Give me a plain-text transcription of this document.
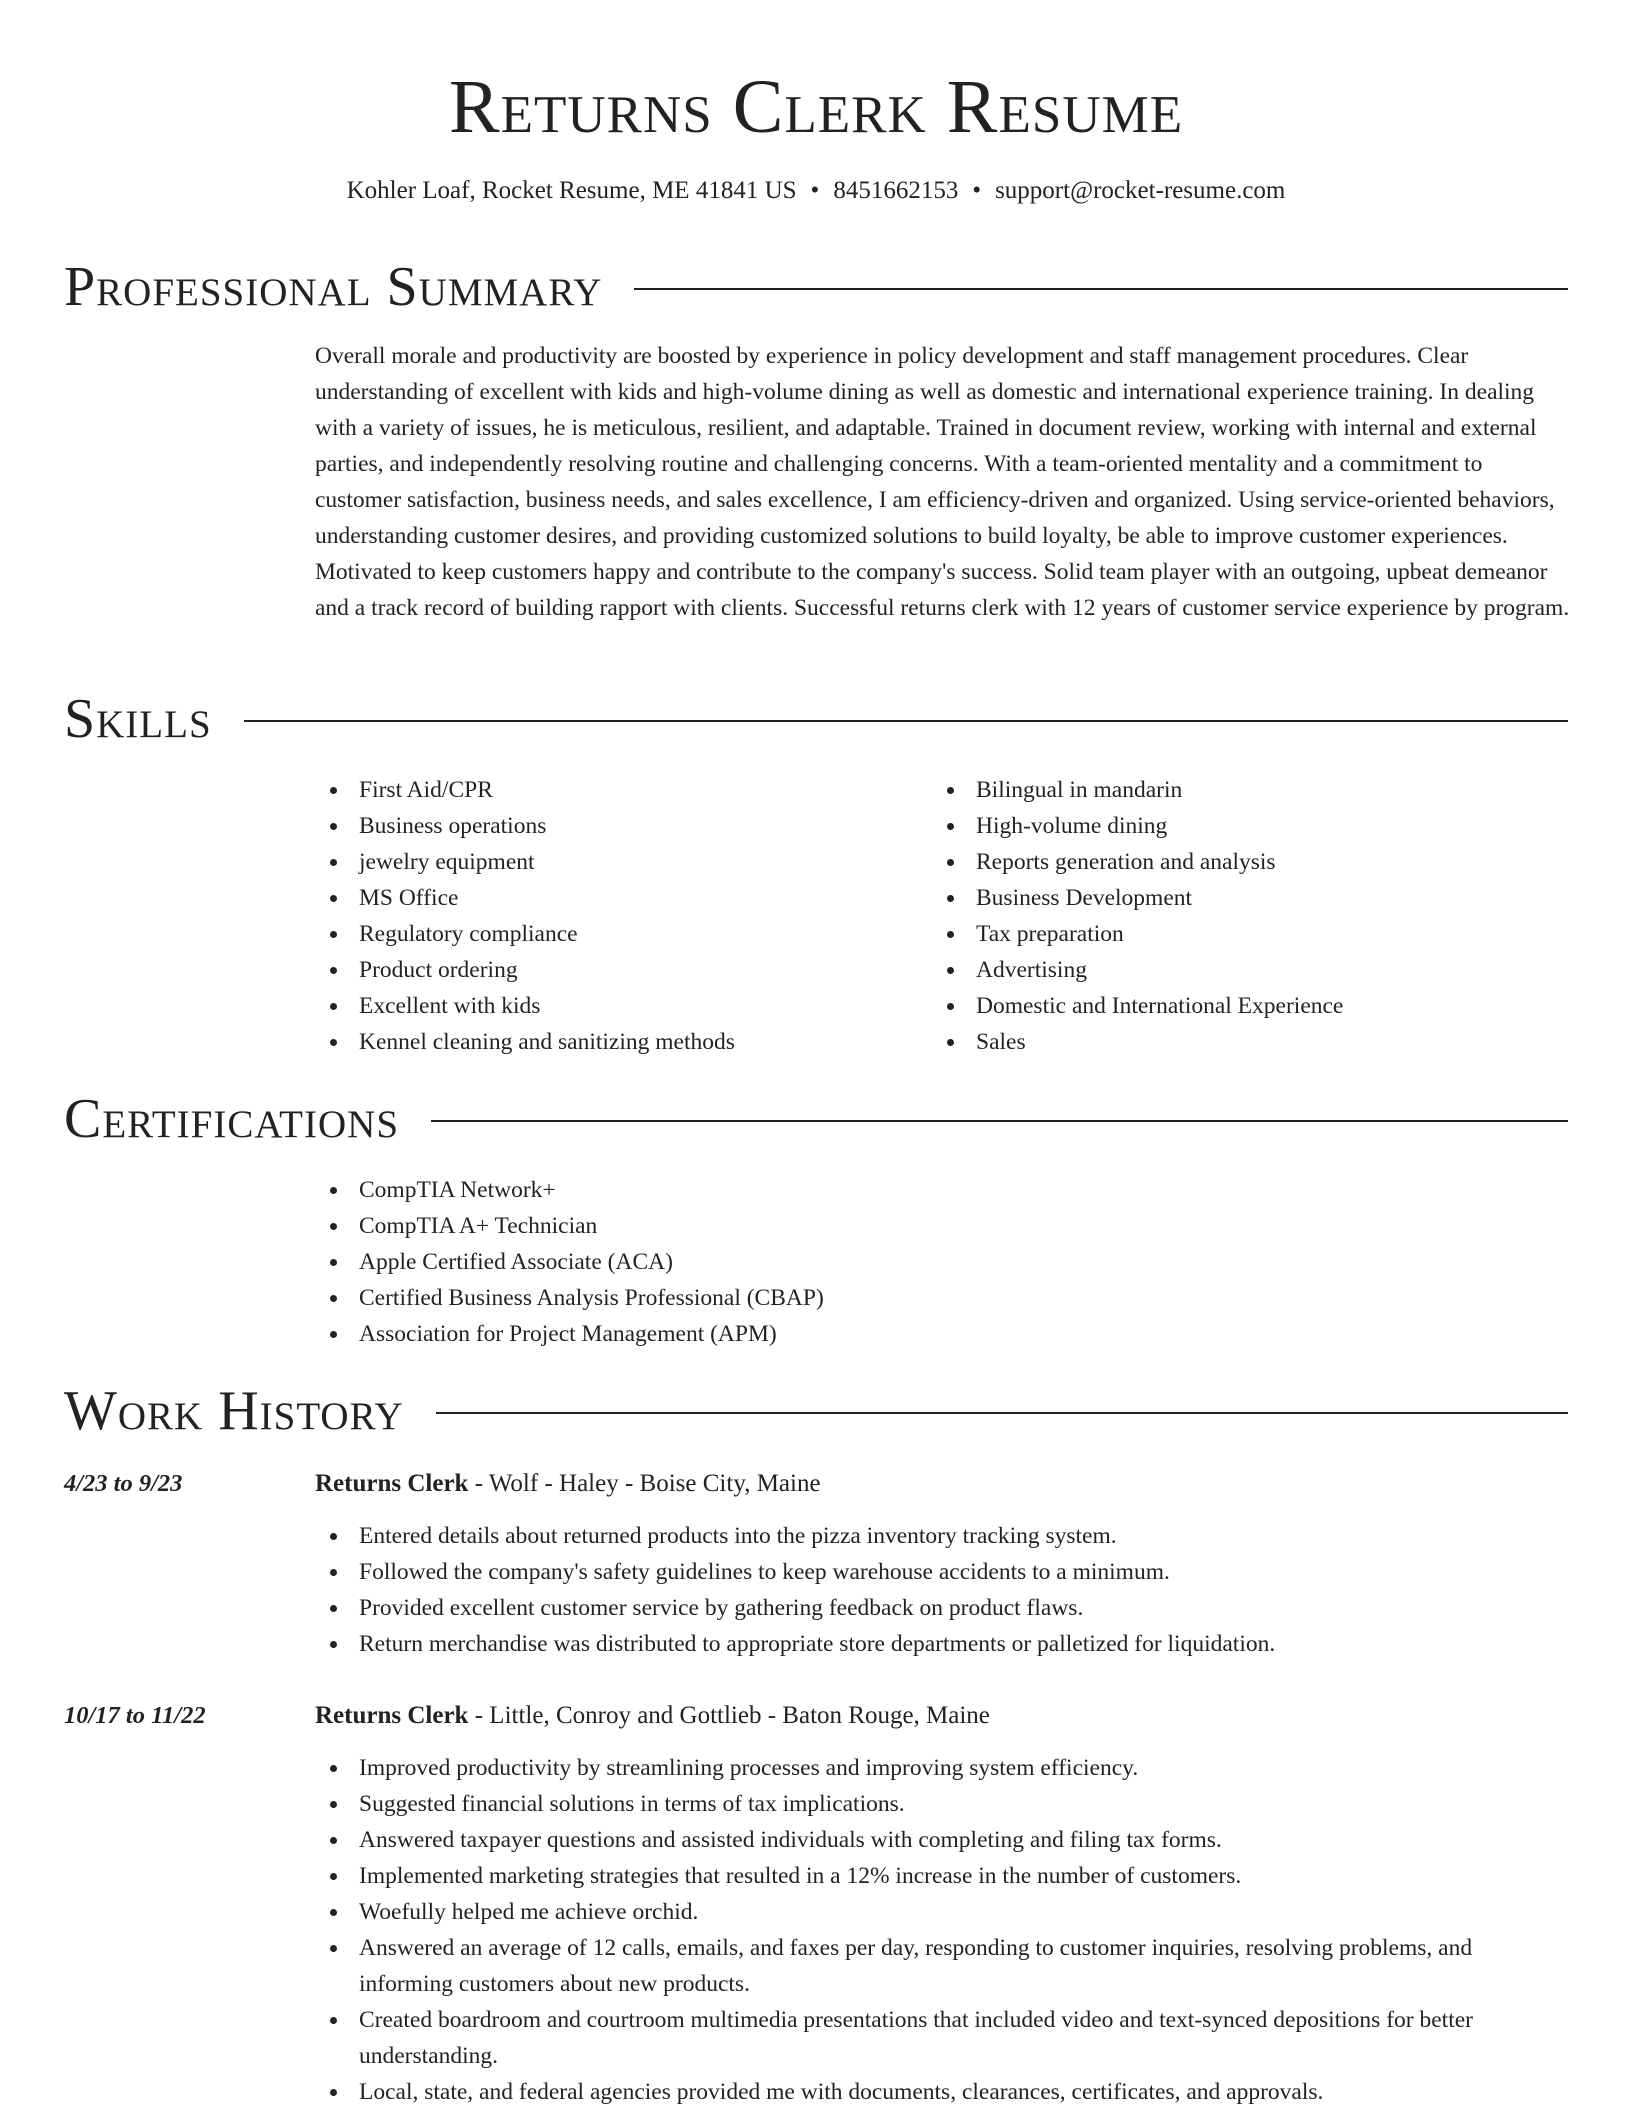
Returns Clerk Resume
Kohler Loaf, Rocket Resume, ME 41841 US • 8451662153 • support@rocket-resume.com
Professional Summary

Overall morale and productivity are boosted by experience in policy development and staff management procedures. Clear understanding of excellent with kids and high-volume dining as well as domestic and international experience training. In dealing with a variety of issues, he is meticulous, resilient, and adaptable. Trained in document review, working with internal and external parties, and independently resolving routine and challenging concerns. With a team-oriented mentality and a commitment to customer satisfaction, business needs, and sales excellence, I am efficiency-driven and organized. Using service-oriented behaviors, understanding customer desires, and providing customized solutions to build loyalty, be able to improve customer experiences. Motivated to keep customers happy and contribute to the company's success. Solid team player with an outgoing, upbeat demeanor and a track record of building rapport with clients. Successful returns clerk with 12 years of customer service experience by program.

Skills
First Aid/CPR
Business operations
jewelry equipment
MS Office
Regulatory compliance
Product ordering
Excellent with kids
Kennel cleaning and sanitizing methods
Bilingual in mandarin
High-volume dining
Reports generation and analysis
Business Development
Tax preparation
Advertising
Domestic and International Experience
Sales
Certifications
CompTIA Network+
CompTIA A+ Technician
Apple Certified Associate (ACA)
Certified Business Analysis Professional (CBAP)
Association for Project Management (APM)
Work History
4/23 to 9/23	Returns Clerk - Wolf - Haley - Boise City, Maine
Entered details about returned products into the pizza inventory tracking system.
Followed the company's safety guidelines to keep warehouse accidents to a minimum.
Provided excellent customer service by gathering feedback on product flaws.
Return merchandise was distributed to appropriate store departments or palletized for liquidation.
10/17 to 11/22	Returns Clerk - Little, Conroy and Gottlieb - Baton Rouge, Maine
Improved productivity by streamlining processes and improving system efficiency.
Suggested financial solutions in terms of tax implications.
Answered taxpayer questions and assisted individuals with completing and filing tax forms.
Implemented marketing strategies that resulted in a 12% increase in the number of customers.
Woefully helped me achieve orchid.
Answered an average of 12 calls, emails, and faxes per day, responding to customer inquiries, resolving problems, and informing customers about new products.
Created boardroom and courtroom multimedia presentations that included video and text-synced depositions for better understanding.
Local, state, and federal agencies provided me with documents, clearances, certificates, and approvals.
